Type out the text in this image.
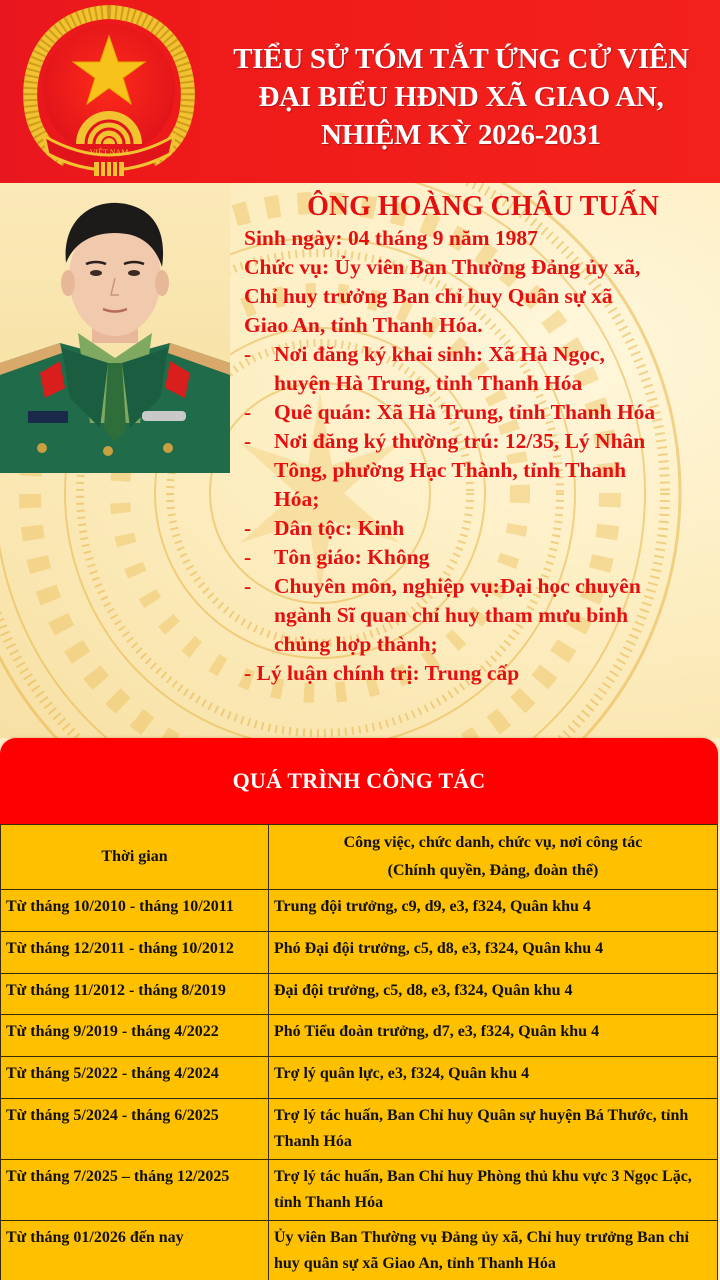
VIỆT NAM
TIỂU SỬ TÓM TẮT ỨNG CỬ VIÊN
ĐẠI BIỂU HĐND XÃ GIAO AN,
NHIỆM KỲ 2026-2031
ÔNG HOÀNG CHÂU TUẤN
Sinh ngày: 04 tháng 9 năm 1987
Chức vụ: Ủy viên Ban Thường Đảng ủy xã,
Chỉ huy trưởng Ban chỉ huy Quân sự xã
Giao An, tỉnh Thanh Hóa.
- Nơi đăng ký khai sinh: Xã Hà Ngọc,
huyện Hà Trung, tỉnh Thanh Hóa
- Quê quán: Xã Hà Trung, tỉnh Thanh Hóa
- Nơi đăng ký thường trú: 12/35, Lý Nhân
Tông, phường Hạc Thành, tỉnh Thanh
Hóa;
- Dân tộc: Kinh
- Tôn giáo: Không
- Chuyên môn, nghiệp vụ:Đại học chuyên
ngành Sĩ quan chỉ huy tham mưu binh
chủng hợp thành;
- Lý luận chính trị: Trung cấp
QUÁ TRÌNH CÔNG TÁC
Thời gian	Công việc, chức danh, chức vụ, nơi công tác
(Chính quyền, Đảng, đoàn thể)

Từ tháng 10/2010 - tháng 10/2011	Trung đội trưởng, c9, d9, e3, f324, Quân khu 4
Từ tháng 12/2011 - tháng 10/2012	Phó Đại đội trưởng, c5, d8, e3, f324, Quân khu 4
Từ tháng 11/2012 - tháng 8/2019	Đại đội trưởng, c5, d8, e3, f324, Quân khu 4
Từ tháng 9/2019 - tháng 4/2022	Phó Tiểu đoàn trưởng, d7, e3, f324, Quân khu 4
Từ tháng 5/2022 - tháng 4/2024	Trợ lý quân lực, e3, f324, Quân khu 4
Từ tháng 5/2024 - tháng 6/2025	Trợ lý tác huấn, Ban Chỉ huy Quân sự huyện Bá Thước, tỉnh Thanh Hóa
Từ tháng 7/2025 – tháng 12/2025	Trợ lý tác huấn, Ban Chỉ huy Phòng thủ khu vực 3 Ngọc Lặc, tỉnh Thanh Hóa
Từ tháng 01/2026 đến nay	Ủy viên Ban Thường vụ Đảng ủy xã, Chỉ huy trưởng Ban chỉ huy quân sự xã Giao An, tỉnh Thanh Hóa
